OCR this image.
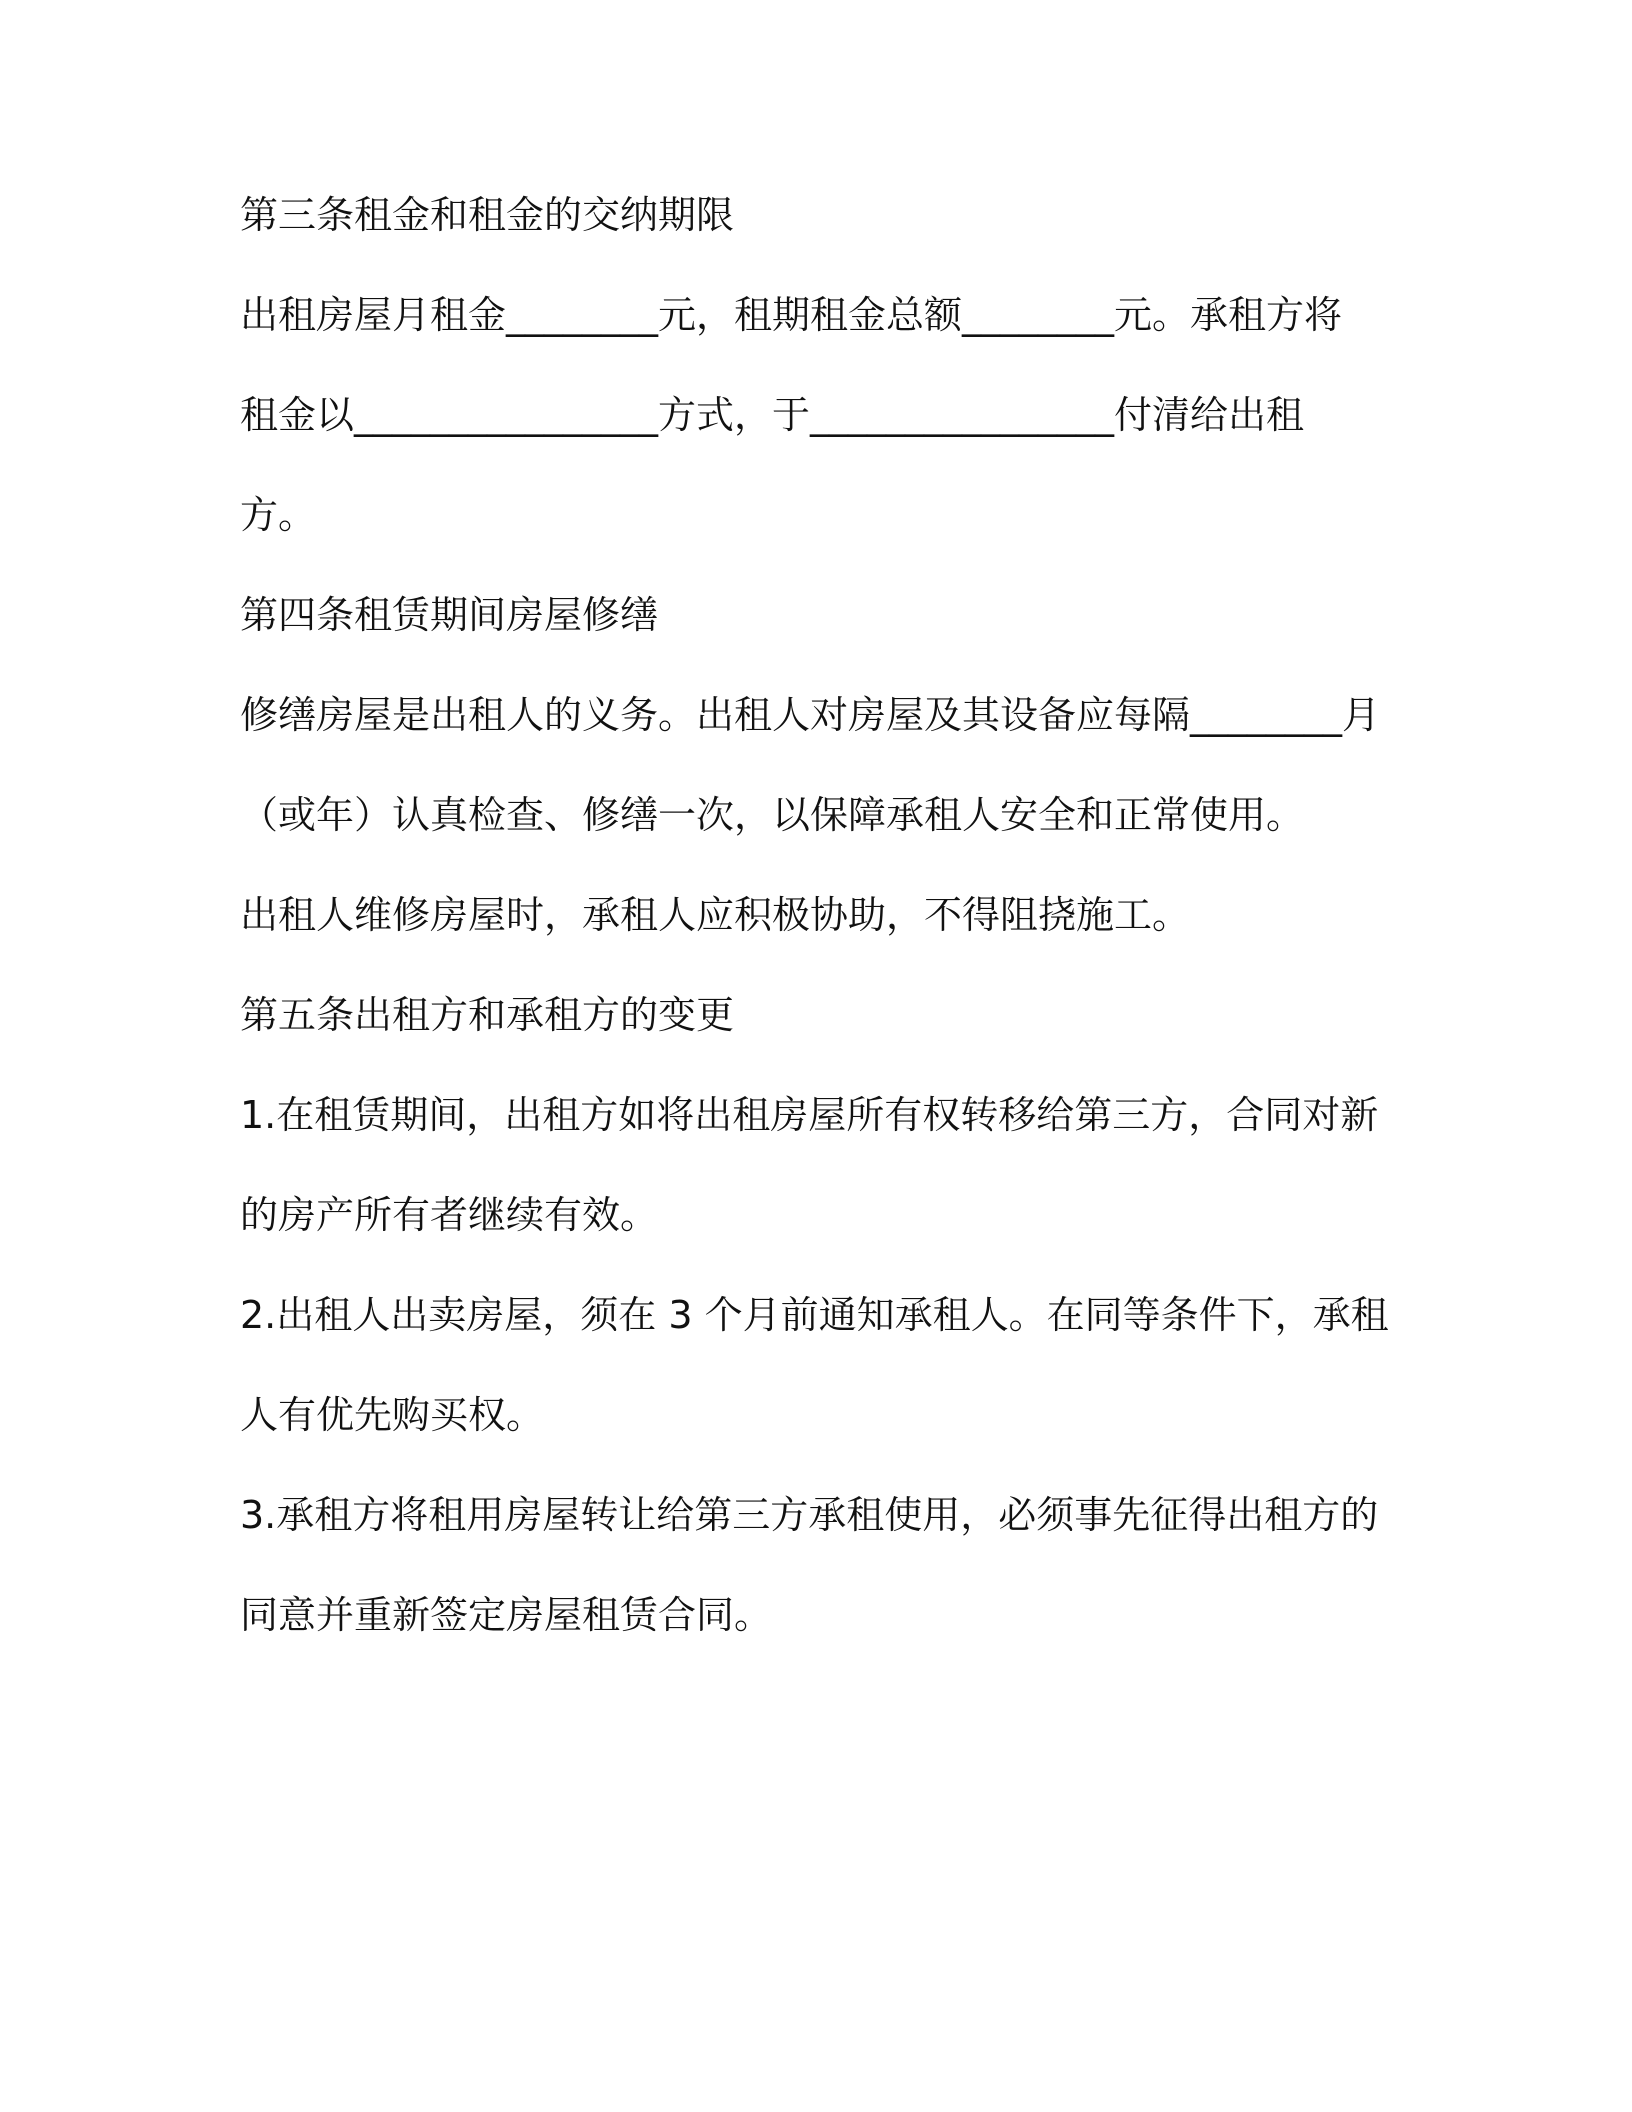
第三条租金和租金的交纳期限
出租房屋月租金________元，租期租金总额________元。承租方将
租金以________________方式，于________________付清给出租
方。
第四条租赁期间房屋修缮
修缮房屋是出租人的义务。出租人对房屋及其设备应每隔________月
（或年）认真检查、修缮一次，以保障承租人安全和正常使用。
出租人维修房屋时，承租人应积极协助，不得阻挠施工。
第五条出租方和承租方的变更
1.在租赁期间，出租方如将出租房屋所有权转移给第三方，合同对新
的房产所有者继续有效。
2.出租人出卖房屋，须在 3 个月前通知承租人。在同等条件下，承租
人有优先购买权。
3.承租方将租用房屋转让给第三方承租使用，必须事先征得出租方的
同意并重新签定房屋租赁合同。
